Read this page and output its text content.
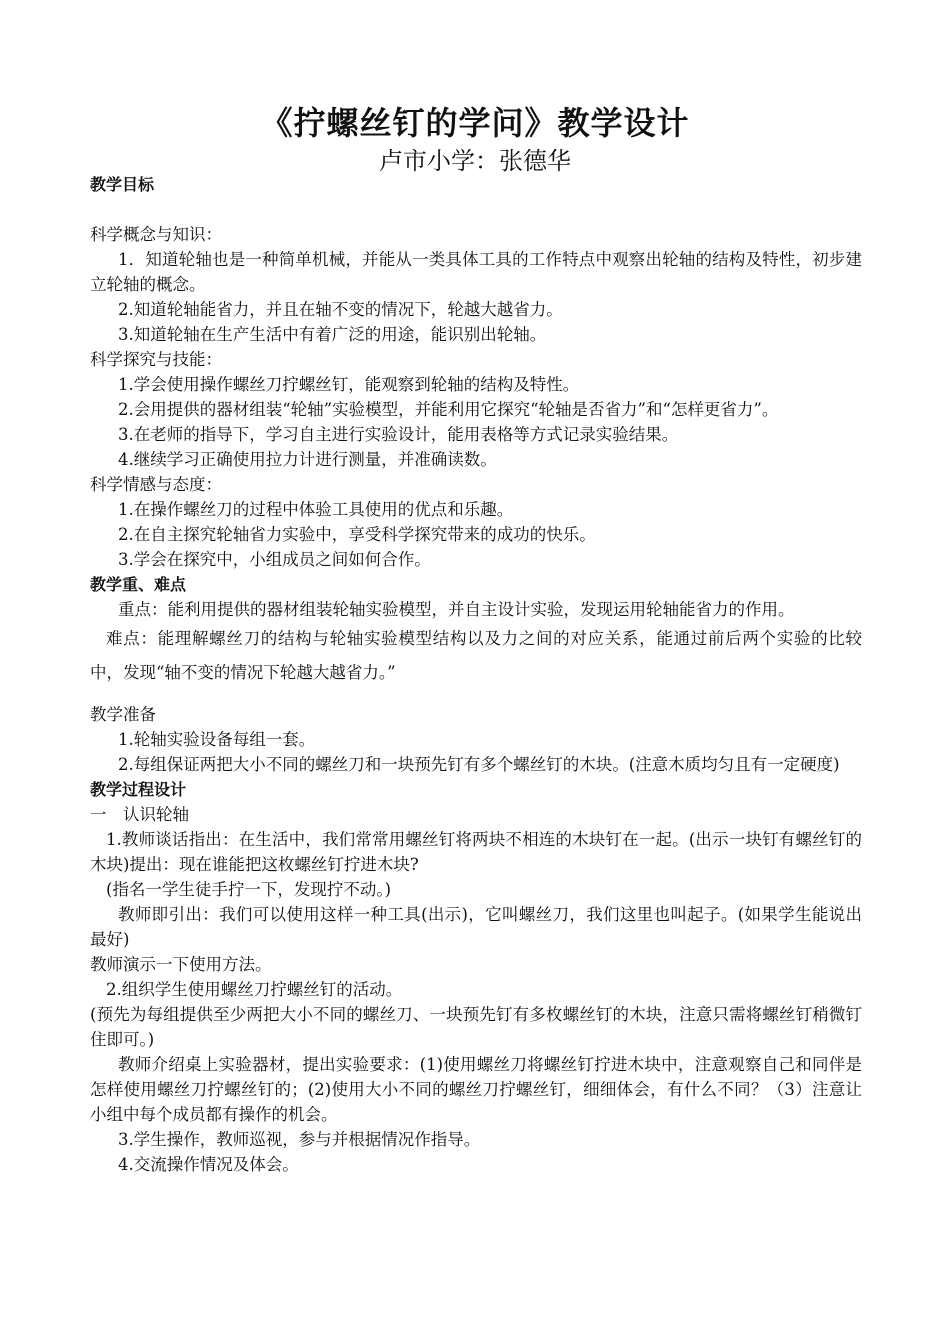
《拧螺丝钉的学问》教学设计
卢市小学：张德华

教学目标

科学概念与知识：

1．知道轮轴也是一种简单机械，并能从一类具体工具的工作特点中观察出轮轴的结构及特性，初步建立轮轴的概念。

2.知道轮轴能省力，并且在轴不变的情况下，轮越大越省力。

3.知道轮轴在生产生活中有着广泛的用途，能识别出轮轴。

科学探究与技能：

1.学会使用操作螺丝刀拧螺丝钉，能观察到轮轴的结构及特性。

2.会用提供的器材组装“轮轴”实验模型，并能利用它探究“轮轴是否省力”和“怎样更省力”。

3.在老师的指导下，学习自主进行实验设计，能用表格等方式记录实验结果。

4.继续学习正确使用拉力计进行测量，并准确读数。

科学情感与态度：

1.在操作螺丝刀的过程中体验工具使用的优点和乐趣。

2.在自主探究轮轴省力实验中，享受科学探究带来的成功的快乐。

3.学会在探究中，小组成员之间如何合作。

教学重、难点

重点：能利用提供的器材组装轮轴实验模型，并自主设计实验，发现运用轮轴能省力的作用。

难点：能理解螺丝刀的结构与轮轴实验模型结构以及力之间的对应关系，能通过前后两个实验的比较中，发现“轴不变的情况下轮越大越省力。”

教学准备

1.轮轴实验设备每组一套。

2.每组保证两把大小不同的螺丝刀和一块预先钉有多个螺丝钉的木块。(注意木质均匀且有一定硬度)

教学过程设计

一　认识轮轴

1.教师谈话指出：在生活中，我们常常用螺丝钉将两块不相连的木块钉在一起。(出示一块钉有螺丝钉的木块)提出：现在谁能把这枚螺丝钉拧进木块?

(指名一学生徒手拧一下，发现拧不动。)

教师即引出：我们可以使用这样一种工具(出示)，它叫螺丝刀，我们这里也叫起子。(如果学生能说出最好)

教师演示一下使用方法。

2.组织学生使用螺丝刀拧螺丝钉的活动。

(预先为每组提供至少两把大小不同的螺丝刀、一块预先钉有多枚螺丝钉的木块，注意只需将螺丝钉稍微钉住即可。)

教师介绍桌上实验器材，提出实验要求：(1)使用螺丝刀将螺丝钉拧进木块中，注意观察自己和同伴是怎样使用螺丝刀拧螺丝钉的；(2)使用大小不同的螺丝刀拧螺丝钉，细细体会，有什么不同？（3）注意让小组中每个成员都有操作的机会。

3.学生操作，教师巡视，参与并根据情况作指导。

4.交流操作情况及体会。
